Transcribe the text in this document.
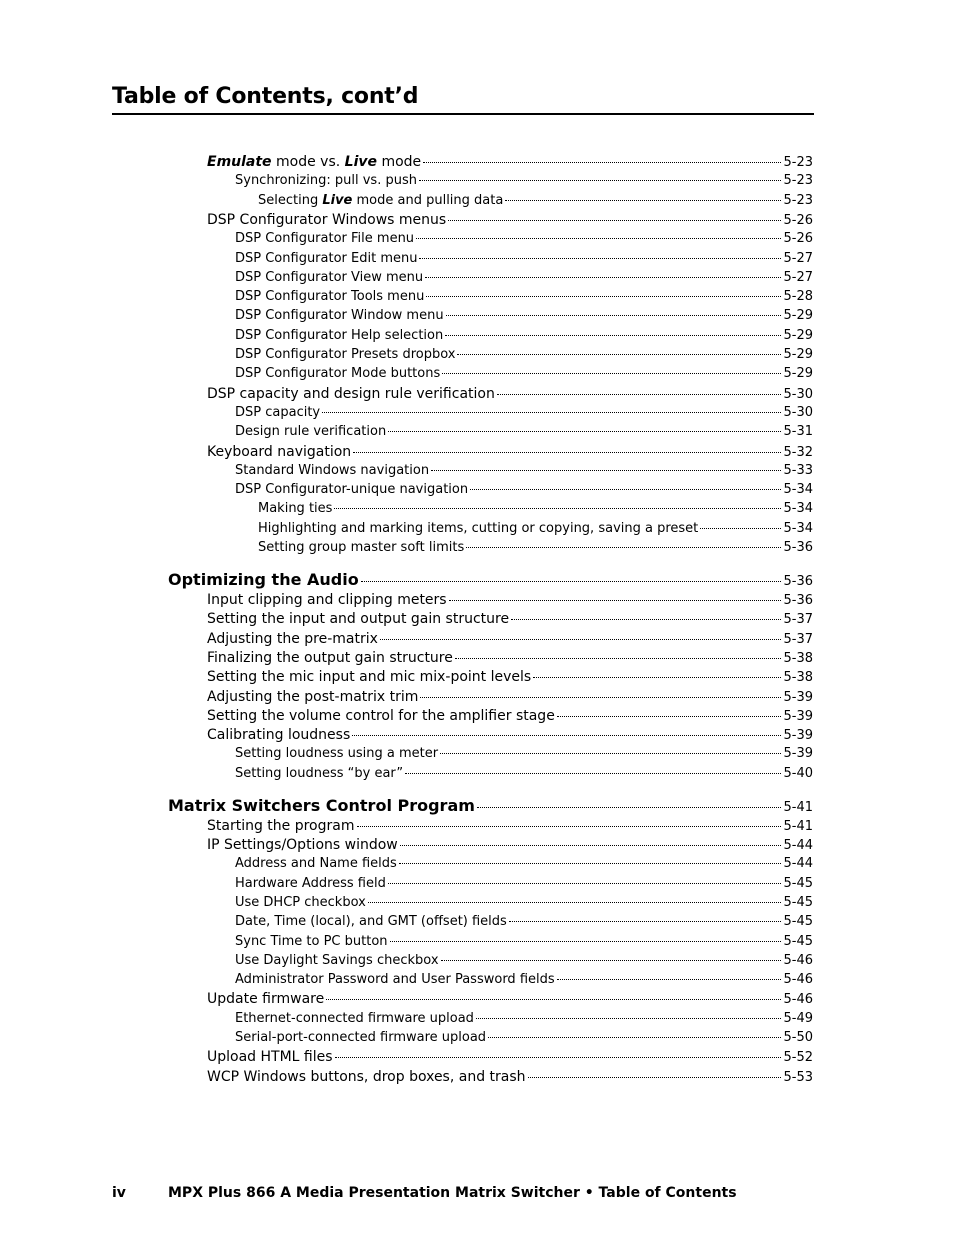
Table of Contents, cont’d
Emulate mode vs. Live mode	5-23
Synchronizing: pull vs. push	5-23
Selecting Live mode and pulling data	5-23
DSP Configurator Windows menus	5-26
DSP Configurator File menu	5-26
DSP Configurator Edit menu	5-27
DSP Configurator View menu	5-27
DSP Configurator Tools menu	5-28
DSP Configurator Window menu	5-29
DSP Configurator Help selection	5-29
DSP Configurator Presets dropbox	5-29
DSP Configurator Mode buttons	5-29
DSP capacity and design rule verification	5-30
DSP capacity	5-30
Design rule verification	5-31
Keyboard navigation	5-32
Standard Windows navigation	5-33
DSP Configurator-unique navigation	5-34
Making ties	5-34
Highlighting and marking items, cutting or copying, saving a preset	5-34
Setting group master soft limits	5-36
Optimizing the Audio	5-36
Input clipping and clipping meters	5-36
Setting the input and output gain structure	5-37
Adjusting the pre-matrix	5-37
Finalizing the output gain structure	5-38
Setting the mic input and mic mix-point levels	5-38
Adjusting the post-matrix trim	5-39
Setting the volume control for the amplifier stage	5-39
Calibrating loudness	5-39
Setting loudness using a meter	5-39
Setting loudness “by ear”	5-40
Matrix Switchers Control Program	5-41
Starting the program	5-41
IP Settings/Options window	5-44
Address and Name fields	5-44
Hardware Address field	5-45
Use DHCP checkbox	5-45
Date, Time (local), and GMT (offset) fields	5-45
Sync Time to PC button	5-45
Use Daylight Savings checkbox	5-46
Administrator Password and User Password fields	5-46
Update firmware	5-46
Ethernet-connected firmware upload	5-49
Serial-port-connected firmware upload	5-50
Upload HTML files	5-52
WCP Windows buttons, drop boxes, and trash	5-53
iv	MPX Plus 866 A Media Presentation Matrix Switcher • Table of Contents
